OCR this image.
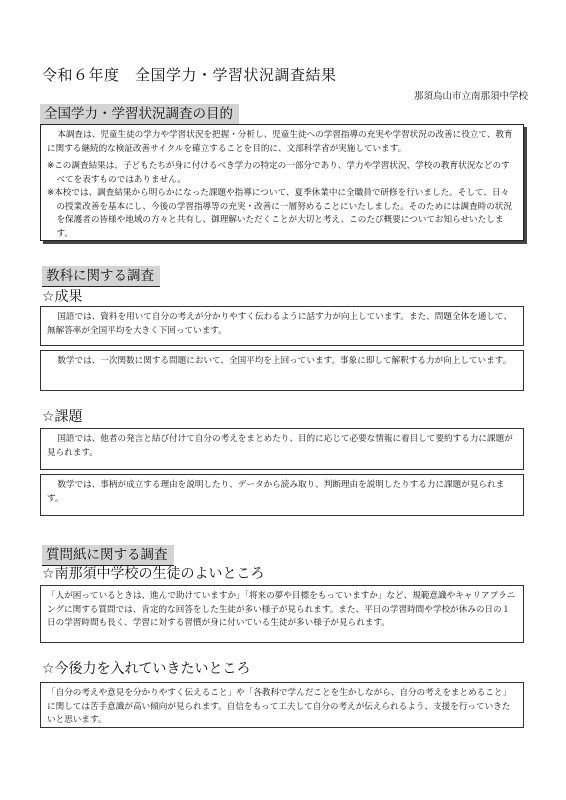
令和６年度　全国学力・学習状況調査結果
那須烏山市立南那須中学校
全国学力・学習状況調査の目的

本調査は、児童生徒の学力や学習状況を把握・分析し、児童生徒への学習指導の充実や学習状況の改善に役立て、教育に関する継続的な検証改善サイクルを確立することを目的に、文部科学省が実施しています。

※この調査結果は、子どもたちが身に付けるべき学力の特定の一部分であり、学力や学習状況、学校の教育状況などのすべてを表すものではありません。

※本校では、調査結果から明らかになった課題や指導について、夏季休業中に全職員で研修を行いました。そして、日々の授業改善を基本にし、今後の学習指導等の充実・改善に一層努めることにいたしました。そのためには調査時の状況を保護者の皆様や地域の方々と共有し、御理解いただくことが大切と考え、このたび概要についてお知らせいたします。

教科に関する調査
☆成果

国語では、資料を用いて自分の考えが分かりやすく伝わるように話す力が向上しています。また、問題全体を通して、無解答率が全国平均を大きく下回っています。

数学では、一次関数に関する問題において、全国平均を上回っています。事象に即して解釈する力が向上しています。

☆課題

国語では、他者の発言と結び付けて自分の考えをまとめたり、目的に応じて必要な情報に着目して要約する力に課題が見られます。

数学では、事柄が成立する理由を説明したり、データから読み取り、判断理由を説明したりする力に課題が見られます。

質問紙に関する調査
☆南那須中学校の生徒のよいところ

「人が困っているときは、進んで助けていますか」「将来の夢や目標をもっていますか」など、規範意識やキャリアプラニングに関する質問では、肯定的な回答をした生徒が多い様子が見られます。また、平日の学習時間や学校が休みの日の１日の学習時間も長く、学習に対する習慣が身に付いている生徒が多い様子が見られます。

☆今後力を入れていきたいところ

「自分の考えや意見を分かりやすく伝えること」や「各教科で学んだことを生かしながら、自分の考えをまとめること」に関しては苦手意識が高い傾向が見られます。自信をもって工夫して自分の考えが伝えられるよう、支援を行っていきたいと思います。
